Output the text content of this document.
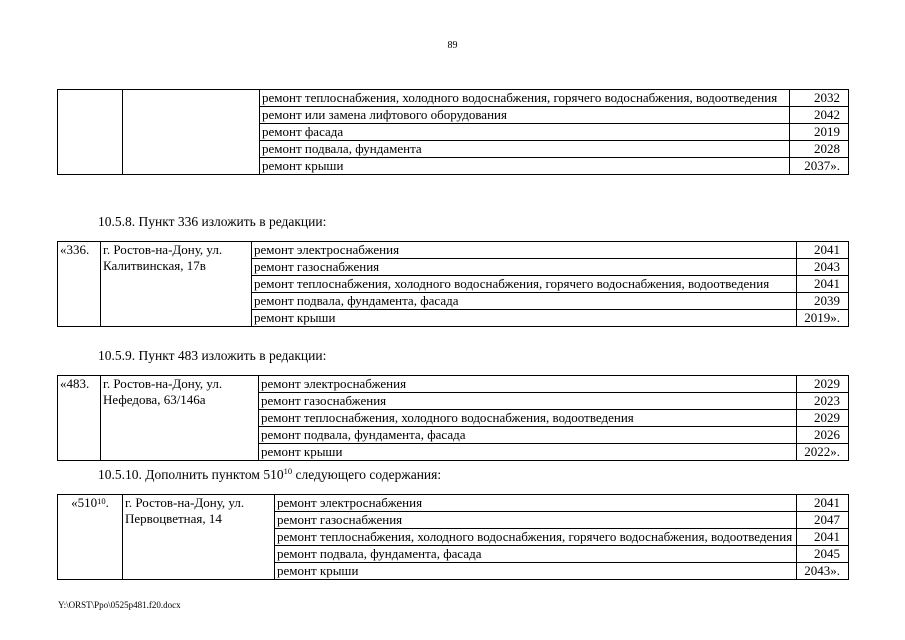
89
		ремонт теплоснабжения, холодного водоснабжения, горячего водоснабжения, водоотведения	2032
		ремонт или замена лифтового оборудования	2042
		ремонт фасада	2019
		ремонт подвала, фундамента	2028
		ремонт крыши	2037».
10.5.8. Пункт 336 изложить в редакции:
«336.	г. Ростов-на-Дону, ул. Калитвинская, 17в	ремонт электроснабжения	2041
		ремонт газоснабжения	2043
		ремонт теплоснабжения, холодного водоснабжения, горячего водоснабжения, водоотведения	2041
		ремонт подвала, фундамента, фасада	2039
		ремонт крыши	2019».
10.5.9. Пункт 483 изложить в редакции:
«483.	г. Ростов-на-Дону, ул. Нефедова, 63/146а	ремонт электроснабжения	2029
		ремонт газоснабжения	2023
		ремонт теплоснабжения, холодного водоснабжения, водоотведения	2029
		ремонт подвала, фундамента, фасада	2026
		ремонт крыши	2022».
10.5.10. Дополнить пунктом $510^{10}$ следующего содержания:
«$510^{10}$.	г. Ростов-на-Дону, ул. Первоцветная, 14	ремонт электроснабжения	2041
		ремонт газоснабжения	2047
		ремонт теплоснабжения, холодного водоснабжения, горячего водоснабжения, водоотведения	2041
		ремонт подвала, фундамента, фасада	2045
		ремонт крыши	2043».
Y:\ORST\Ppo\0525p481.f20.docx
